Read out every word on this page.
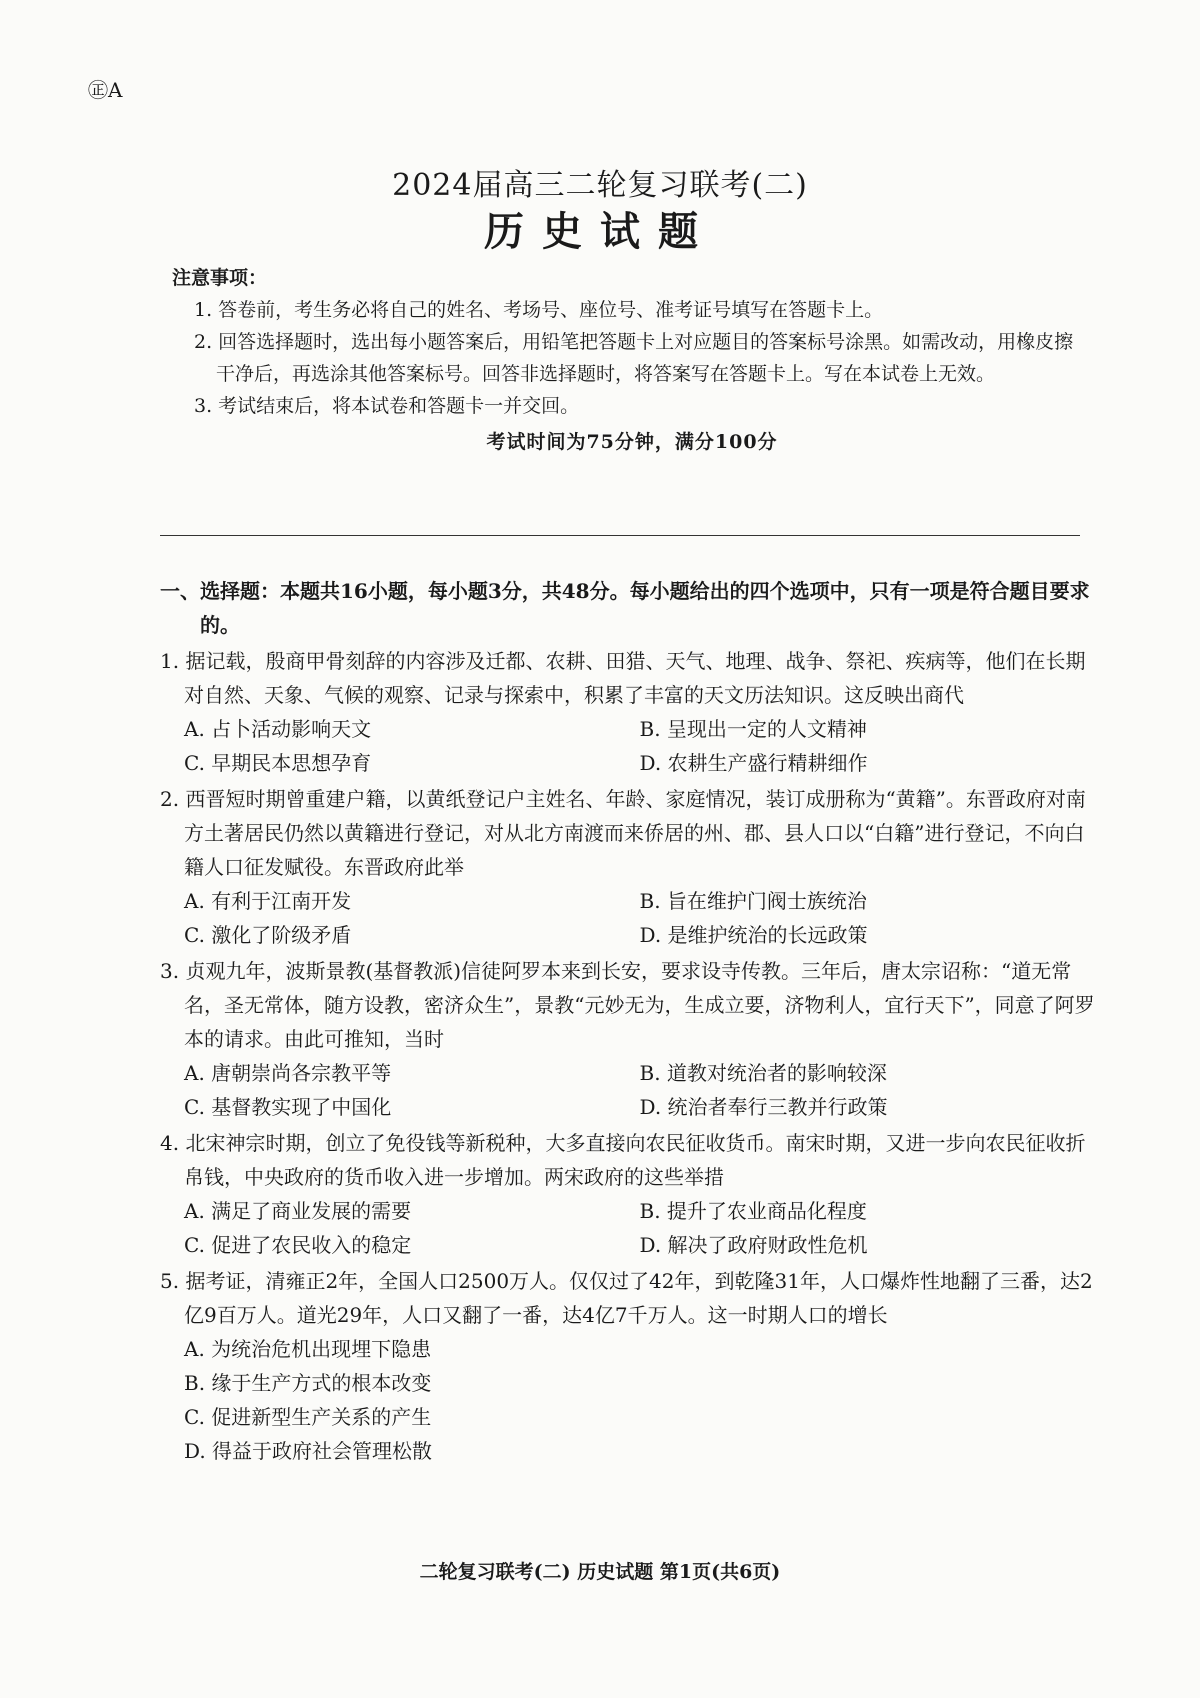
㊣A
2024届高三二轮复习联考(二)
历史试题
注意事项：
1. 答卷前，考生务必将自己的姓名、考场号、座位号、准考证号填写在答题卡上。
2. 回答选择题时，选出每小题答案后，用铅笔把答题卡上对应题目的答案标号涂黑。如需改动，用橡皮擦干净后，再选涂其他答案标号。回答非选择题时，将答案写在答题卡上。写在本试卷上无效。
3. 考试结束后，将本试卷和答题卡一并交回。
考试时间为75分钟，满分100分
一、选择题：本题共16小题，每小题3分，共48分。每小题给出的四个选项中，只有一项是符合题目要求的。
1. 据记载，殷商甲骨刻辞的内容涉及迁都、农耕、田猎、天气、地理、战争、祭祀、疾病等，他们在长期对自然、天象、气候的观察、记录与探索中，积累了丰富的天文历法知识。这反映出商代
A. 占卜活动影响天文	B. 呈现出一定的人文精神
C. 早期民本思想孕育	D. 农耕生产盛行精耕细作
2. 西晋短时期曾重建户籍，以黄纸登记户主姓名、年龄、家庭情况，装订成册称为“黄籍”。东晋政府对南方土著居民仍然以黄籍进行登记，对从北方南渡而来侨居的州、郡、县人口以“白籍”进行登记，不向白籍人口征发赋役。东晋政府此举
A. 有利于江南开发	B. 旨在维护门阀士族统治
C. 激化了阶级矛盾	D. 是维护统治的长远政策
3. 贞观九年，波斯景教(基督教派)信徒阿罗本来到长安，要求设寺传教。三年后，唐太宗诏称：“道无常名，圣无常体，随方设教，密济众生”，景教“元妙无为，生成立要，济物利人，宜行天下”，同意了阿罗本的请求。由此可推知，当时
A. 唐朝崇尚各宗教平等	B. 道教对统治者的影响较深
C. 基督教实现了中国化	D. 统治者奉行三教并行政策
4. 北宋神宗时期，创立了免役钱等新税种，大多直接向农民征收货币。南宋时期，又进一步向农民征收折帛钱，中央政府的货币收入进一步增加。两宋政府的这些举措
A. 满足了商业发展的需要	B. 提升了农业商品化程度
C. 促进了农民收入的稳定	D. 解决了政府财政性危机
5. 据考证，清雍正2年，全国人口2500万人。仅仅过了42年，到乾隆31年，人口爆炸性地翻了三番，达2亿9百万人。道光29年，人口又翻了一番，达4亿7千万人。这一时期人口的增长
A. 为统治危机出现埋下隐患
B. 缘于生产方式的根本改变
C. 促进新型生产关系的产生
D. 得益于政府社会管理松散
二轮复习联考(二) 历史试题 第1页(共6页)
